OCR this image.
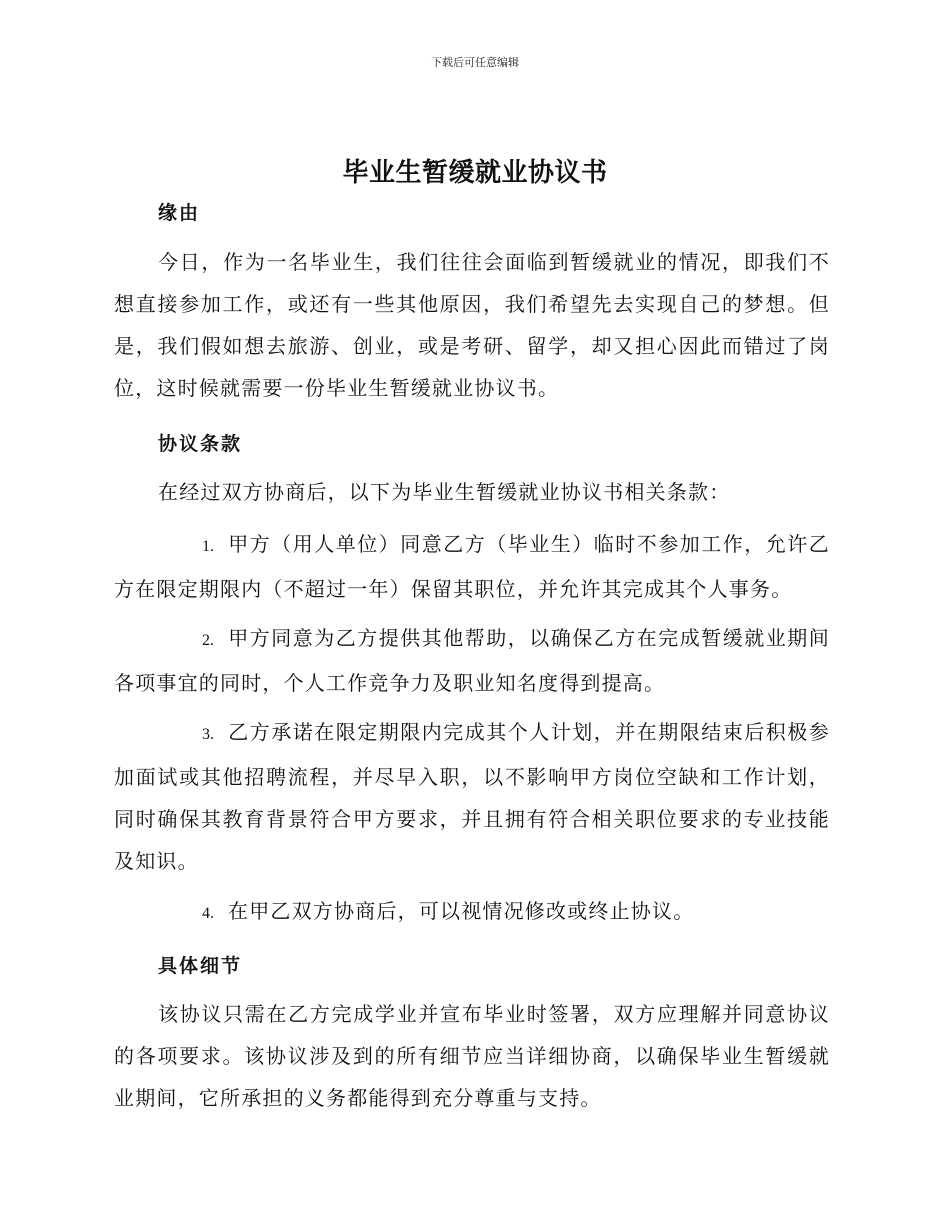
下载后可任意编辑
毕业生暂缓就业协议书
缘由

今日，作为一名毕业生，我们往往会面临到暂缓就业的情况，即我们不想直接参加工作，或还有一些其他原因，我们希望先去实现自己的梦想。但是，我们假如想去旅游、创业，或是考研、留学，却又担心因此而错过了岗位，这时候就需要一份毕业生暂缓就业协议书。

协议条款

在经过双方协商后，以下为毕业生暂缓就业协议书相关条款：

1. 甲方（用人单位）同意乙方（毕业生）临时不参加工作，允许乙方在限定期限内（不超过一年）保留其职位，并允许其完成其个人事务。

2. 甲方同意为乙方提供其他帮助，以确保乙方在完成暂缓就业期间各项事宜的同时，个人工作竞争力及职业知名度得到提高。

3. 乙方承诺在限定期限内完成其个人计划，并在期限结束后积极参加面试或其他招聘流程，并尽早入职，以不影响甲方岗位空缺和工作计划，同时确保其教育背景符合甲方要求，并且拥有符合相关职位要求的专业技能及知识。

4. 在甲乙双方协商后，可以视情况修改或终止协议。

具体细节

该协议只需在乙方完成学业并宣布毕业时签署，双方应理解并同意协议的各项要求。该协议涉及到的所有细节应当详细协商，以确保毕业生暂缓就业期间，它所承担的义务都能得到充分尊重与支持。
